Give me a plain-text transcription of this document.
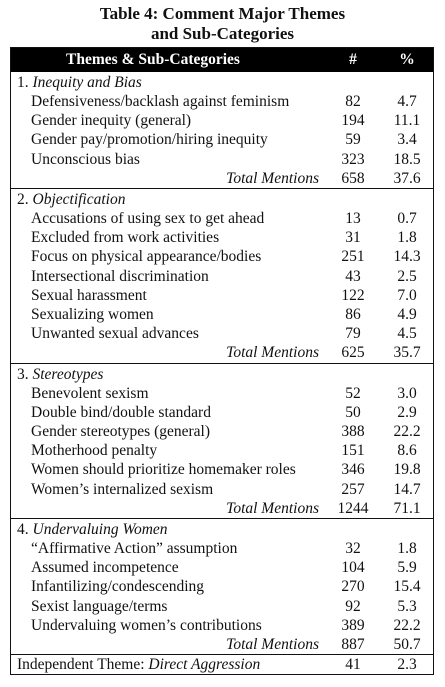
Table 4: Comment Major Themes
and Sub-Categories
Themes & Sub-Categories	#	%
1. Inequity and Bias
Defensiveness/backlash against feminism	82	4.7
Gender inequity (general)	194	11.1
Gender pay/promotion/hiring inequity	59	3.4
Unconscious bias	323	18.5
Total Mentions	658	37.6
2. Objectification
Accusations of using sex to get ahead	13	0.7
Excluded from work activities	31	1.8
Focus on physical appearance/bodies	251	14.3
Intersectional discrimination	43	2.5
Sexual harassment	122	7.0
Sexualizing women	86	4.9
Unwanted sexual advances	79	4.5
Total Mentions	625	35.7
3. Stereotypes
Benevolent sexism	52	3.0
Double bind/double standard	50	2.9
Gender stereotypes (general)	388	22.2
Motherhood penalty	151	8.6
Women should prioritize homemaker roles	346	19.8
Women’s internalized sexism	257	14.7
Total Mentions	1244	71.1
4. Undervaluing Women
“Affirmative Action” assumption	32	1.8
Assumed incompetence	104	5.9
Infantilizing/condescending	270	15.4
Sexist language/terms	92	5.3
Undervaluing women’s contributions	389	22.2
Total Mentions	887	50.7
Independent Theme: Direct Aggression	41	2.3
